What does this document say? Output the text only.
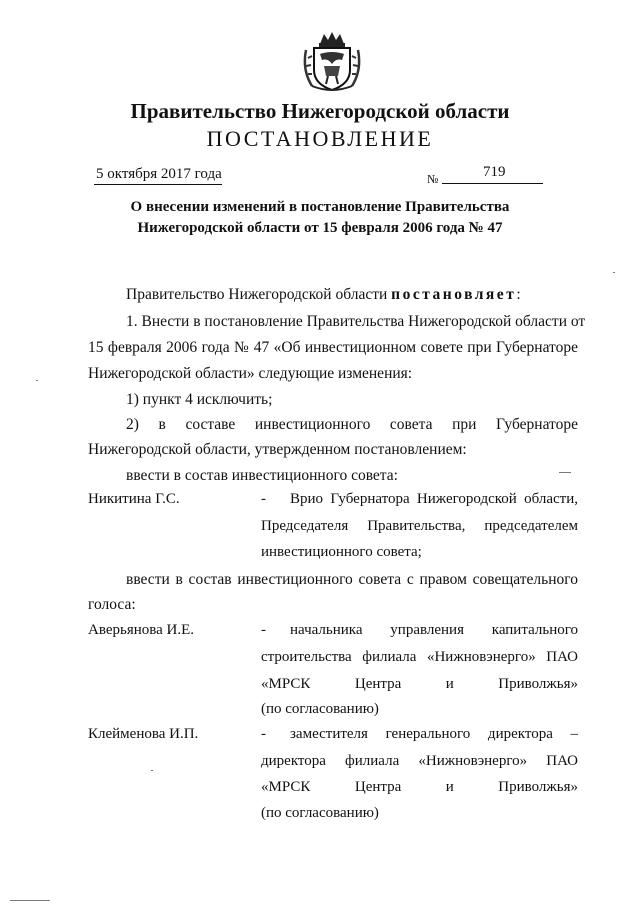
Правительство Нижегородской области
ПОСТАНОВЛЕНИЕ
5 октября 2017 года	№	719
О внесении изменений в постановление Правительства
Нижегородской области от 15 февраля 2006 года № 47
Правительство Нижегородской области постановляет:
1. Внести в постановление Правительства Нижегородской области от
15 февраля 2006 года № 47 «Об инвестиционном совете при Губернаторе
Нижегородской области» следующие изменения:
1) пункт 4 исключить;
2) в составе инвестиционного совета при Губернаторе
Нижегородской области, утвержденном постановлением:
ввести в состав инвестиционного совета:
Никитина Г.С.	- Врио Губернатора Нижегородской области,
Председателя Правительства, председателем
инвестиционного совета;
ввести в состав инвестиционного совета с правом совещательного
голоса:
Аверьянова И.Е.	- начальника управления капитального
строительства филиала «Нижновэнерго» ПАО
«МРСК Центра и Приволжья»
(по согласованию)
Клейменова И.П.	- заместителя генерального директора –
директора филиала «Нижновэнерго» ПАО
«МРСК Центра и Приволжья»
(по согласованию)
